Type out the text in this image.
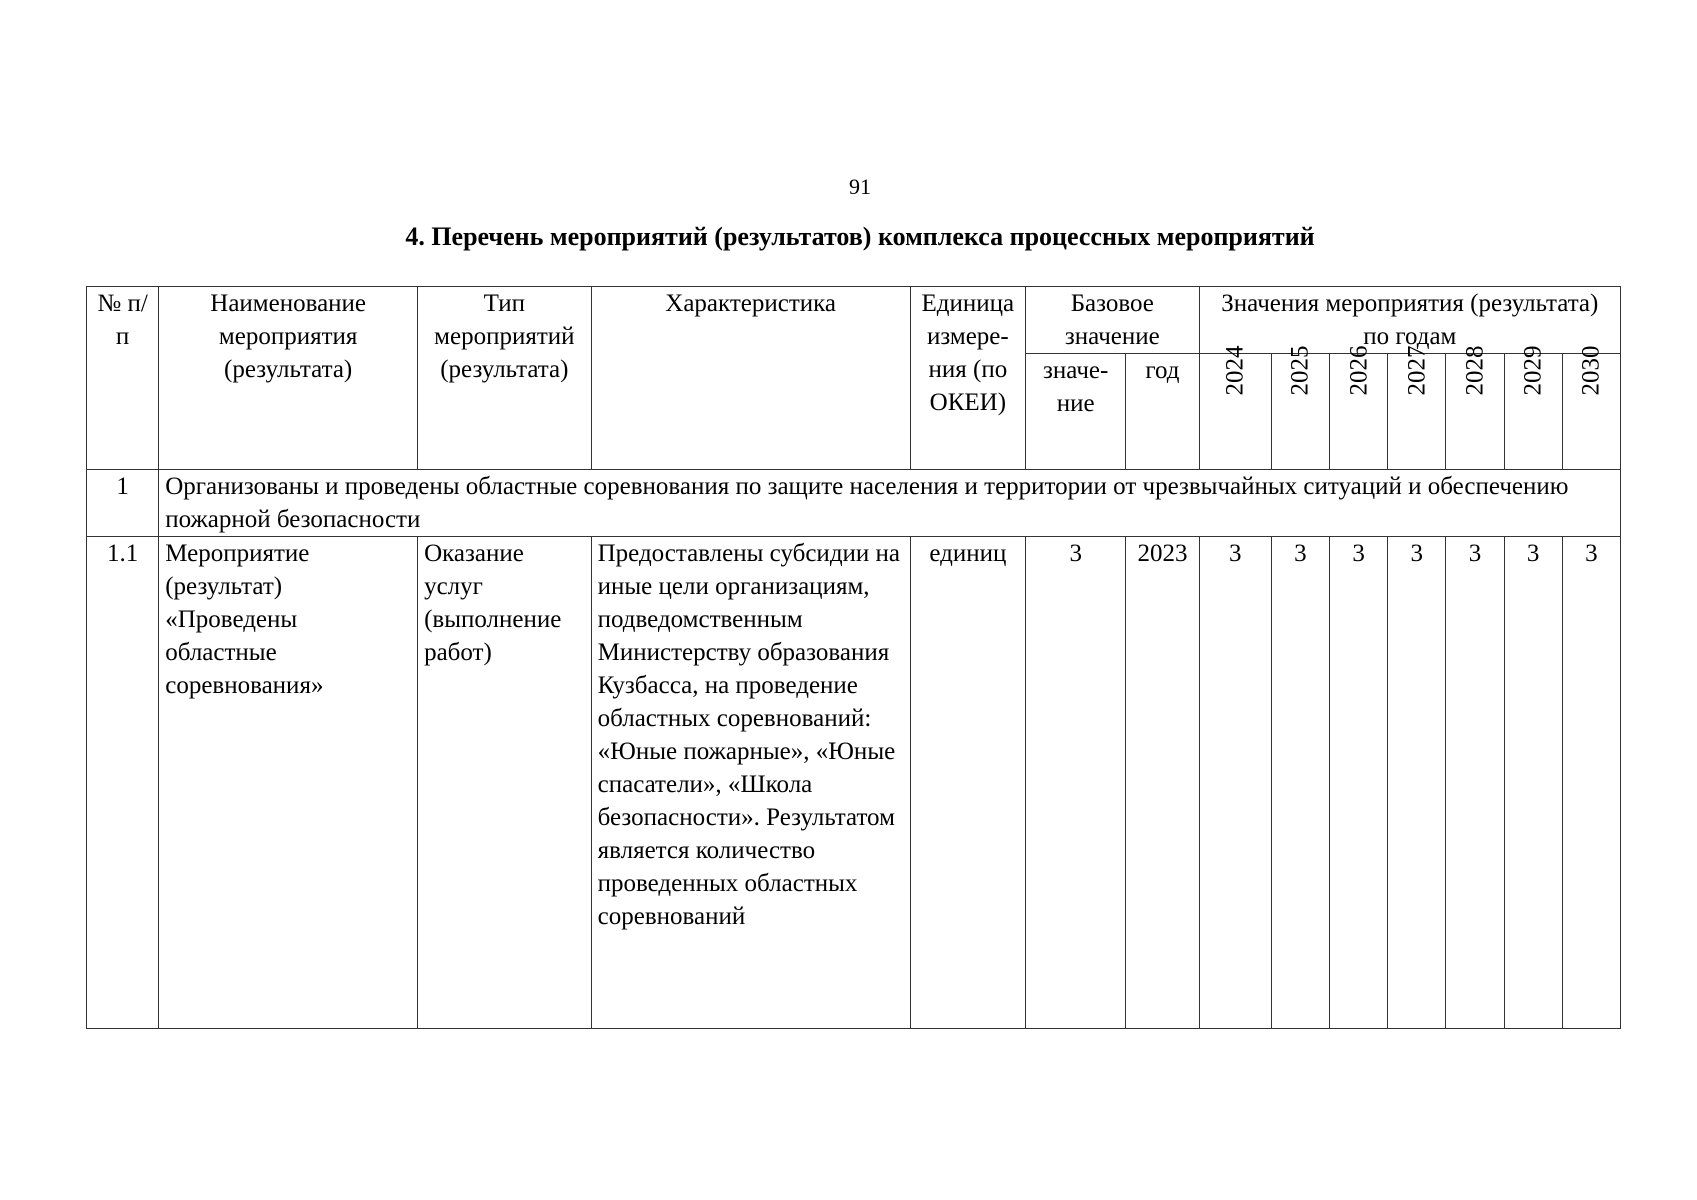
91
4. Перечень мероприятий (результатов) комплекса процессных мероприятий
№ п/п	Наименование мероприятия (результата)	Тип мероприятий (результата)	Характеристика	Единица измере-ния (по ОКЕИ)	Базовое значение		Значения мероприятия (результата) по годам						
					значе-ние	год	2024	2025	2026	2027	2028	2029	2030
1	Организованы и проведены областные соревнования по защите населения и территории от чрезвычайных ситуаций и обеспечению пожарной безопасности												
1.1	Мероприятие (результат) «Проведены областные соревнования»	Оказание услуг (выполнение работ)	Предоставлены субсидии на иные цели организациям, подведомственным Министерству образования Кузбасса, на проведение областных соревнований: «Юные пожарные», «Юные спасатели», «Школа безопасности». Результатом является количество проведенных областных соревнований	единиц	3	2023	3	3	3	3	3	3	3
